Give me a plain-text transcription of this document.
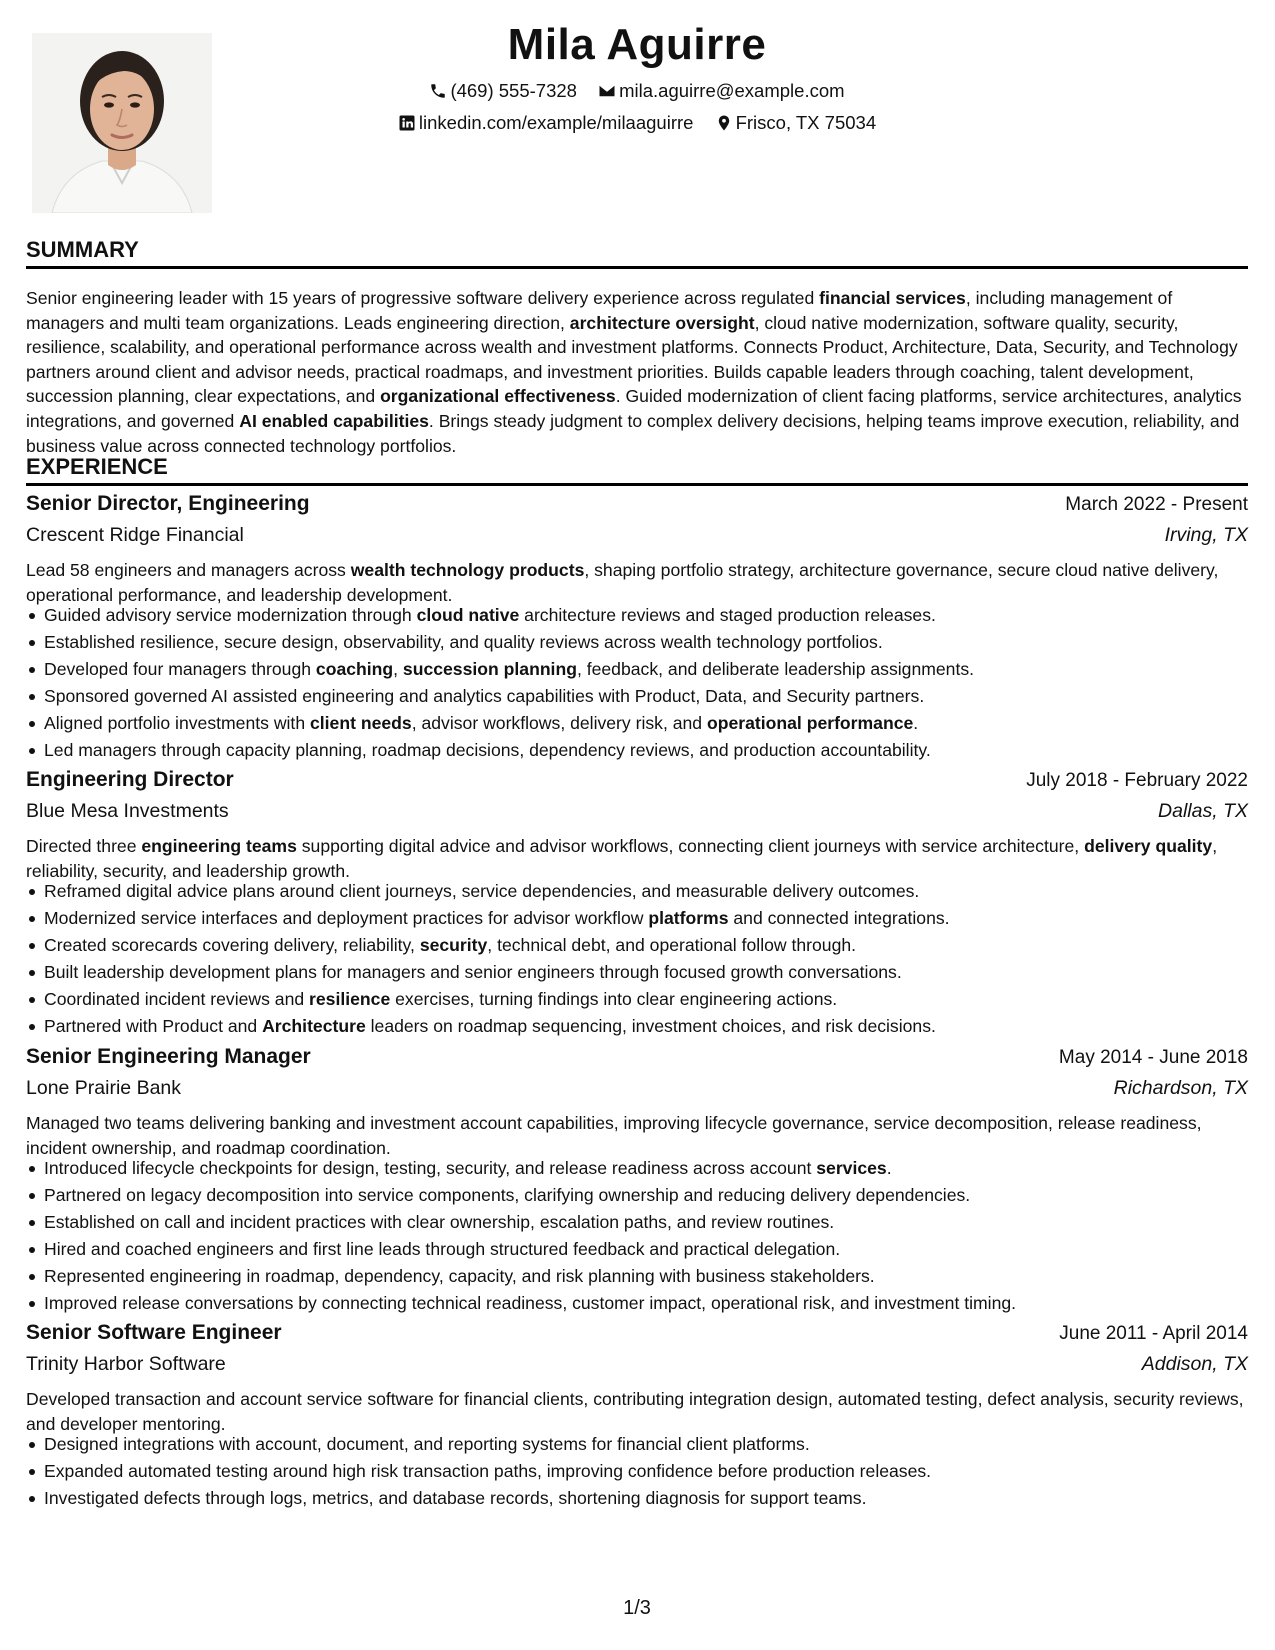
Mila Aguirre
(469) 555-7328 mila.aguirre@example.com
linkedin.com/example/milaaguirre Frisco, TX 75034
SUMMARY
Senior engineering leader with 15 years of progressive software delivery experience across regulated financial services, including management of managers and multi team organizations. Leads engineering direction, architecture oversight, cloud native modernization, software quality, security, resilience, scalability, and operational performance across wealth and investment platforms. Connects Product, Architecture, Data, Security, and Technology partners around client and advisor needs, practical roadmaps, and investment priorities. Builds capable leaders through coaching, talent development, succession planning, clear expectations, and organizational effectiveness. Guided modernization of client facing platforms, service architectures, analytics integrations, and governed AI enabled capabilities. Brings steady judgment to complex delivery decisions, helping teams improve execution, reliability, and business value across connected technology portfolios.
EXPERIENCE
Senior Director, Engineering	March 2022 - Present
Crescent Ridge Financial	Irving, TX
Lead 58 engineers and managers across wealth technology products, shaping portfolio strategy, architecture governance, secure cloud native delivery, operational performance, and leadership development.
Guided advisory service modernization through cloud native architecture reviews and staged production releases.
Established resilience, secure design, observability, and quality reviews across wealth technology portfolios.
Developed four managers through coaching, succession planning, feedback, and deliberate leadership assignments.
Sponsored governed AI assisted engineering and analytics capabilities with Product, Data, and Security partners.
Aligned portfolio investments with client needs, advisor workflows, delivery risk, and operational performance.
Led managers through capacity planning, roadmap decisions, dependency reviews, and production accountability.
Engineering Director	July 2018 - February 2022
Blue Mesa Investments	Dallas, TX
Directed three engineering teams supporting digital advice and advisor workflows, connecting client journeys with service architecture, delivery quality, reliability, security, and leadership growth.
Reframed digital advice plans around client journeys, service dependencies, and measurable delivery outcomes.
Modernized service interfaces and deployment practices for advisor workflow platforms and connected integrations.
Created scorecards covering delivery, reliability, security, technical debt, and operational follow through.
Built leadership development plans for managers and senior engineers through focused growth conversations.
Coordinated incident reviews and resilience exercises, turning findings into clear engineering actions.
Partnered with Product and Architecture leaders on roadmap sequencing, investment choices, and risk decisions.
Senior Engineering Manager	May 2014 - June 2018
Lone Prairie Bank	Richardson, TX
Managed two teams delivering banking and investment account capabilities, improving lifecycle governance, service decomposition, release readiness, incident ownership, and roadmap coordination.
Introduced lifecycle checkpoints for design, testing, security, and release readiness across account services.
Partnered on legacy decomposition into service components, clarifying ownership and reducing delivery dependencies.
Established on call and incident practices with clear ownership, escalation paths, and review routines.
Hired and coached engineers and first line leads through structured feedback and practical delegation.
Represented engineering in roadmap, dependency, capacity, and risk planning with business stakeholders.
Improved release conversations by connecting technical readiness, customer impact, operational risk, and investment timing.
Senior Software Engineer	June 2011 - April 2014
Trinity Harbor Software	Addison, TX
Developed transaction and account service software for financial clients, contributing integration design, automated testing, defect analysis, security reviews, and developer mentoring.
Designed integrations with account, document, and reporting systems for financial client platforms.
Expanded automated testing around high risk transaction paths, improving confidence before production releases.
Investigated defects through logs, metrics, and database records, shortening diagnosis for support teams.
1/3
